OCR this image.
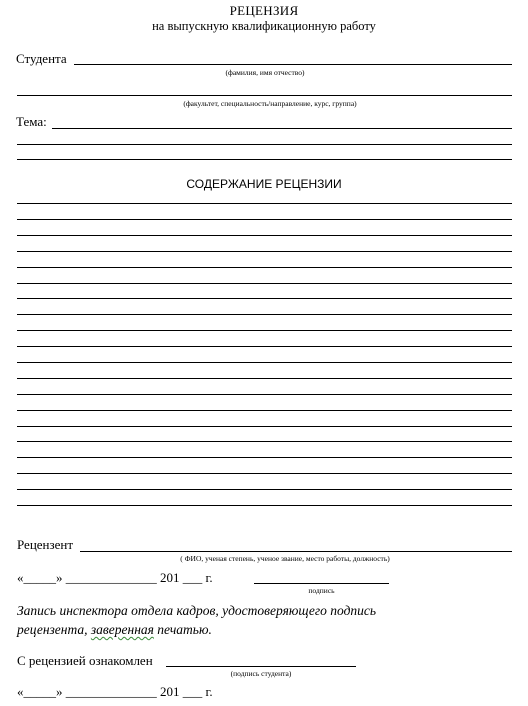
РЕЦЕНЗИЯ
на выпускную квалификационную работу
Студента
(фамилия, имя отчество)
(факультет, специальность/направление, курс, группа)
Тема:
СОДЕРЖАНИЕ РЕЦЕНЗИИ
Рецензент
( ФИО, ученая степень, ученое звание, место работы, должность)
«_____» ______________ 201 ___ г.
подпись
Запись инспектора отдела кадров, удостоверяющего подпись
рецензента, заверенная печатью.
С рецензией ознакомлен
(подпись студента)
«_____» ______________ 201 ___ г.
